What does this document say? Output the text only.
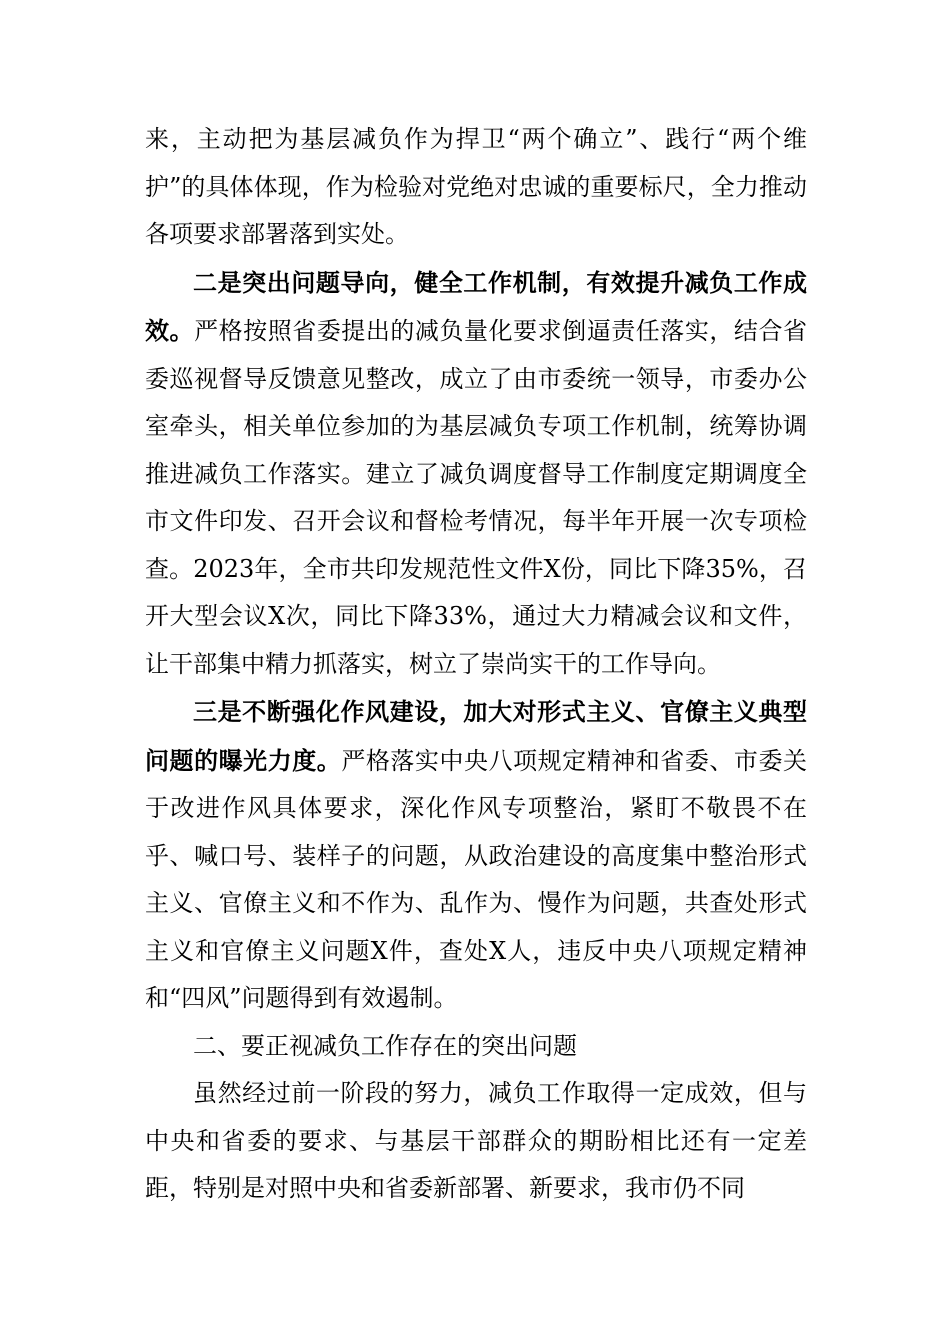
来，主动把为基层减负作为捍卫“两个确立”、践行“两个维护”的具体体现，作为检验对党绝对忠诚的重要标尺，全力推动各项要求部署落到实处。

二是突出问题导向，健全工作机制，有效提升减负工作成效。严格按照省委提出的减负量化要求倒逼责任落实，结合省委巡视督导反馈意见整改，成立了由市委统一领导，市委办公室牵头，相关单位参加的为基层减负专项工作机制，统筹协调推进减负工作落实。建立了减负调度督导工作制度定期调度全市文件印发、召开会议和督检考情况，每半年开展一次专项检查。2023年，全市共印发规范性文件X份，同比下降35%，召开大型会议X次，同比下降33%，通过大力精减会议和文件，让干部集中精力抓落实，树立了崇尚实干的工作导向。

三是不断强化作风建设，加大对形式主义、官僚主义典型问题的曝光力度。严格落实中央八项规定精神和省委、市委关于改进作风具体要求，深化作风专项整治，紧盯不敬畏不在乎、喊口号、装样子的问题，从政治建设的高度集中整治形式主义、官僚主义和不作为、乱作为、慢作为问题，共查处形式主义和官僚主义问题X件，查处X人，违反中央八项规定精神和“四风”问题得到有效遏制。

二、要正视减负工作存在的突出问题

虽然经过前一阶段的努力，减负工作取得一定成效，但与中央和省委的要求、与基层干部群众的期盼相比还有一定差距，特别是对照中央和省委新部署、新要求，我市仍不同
